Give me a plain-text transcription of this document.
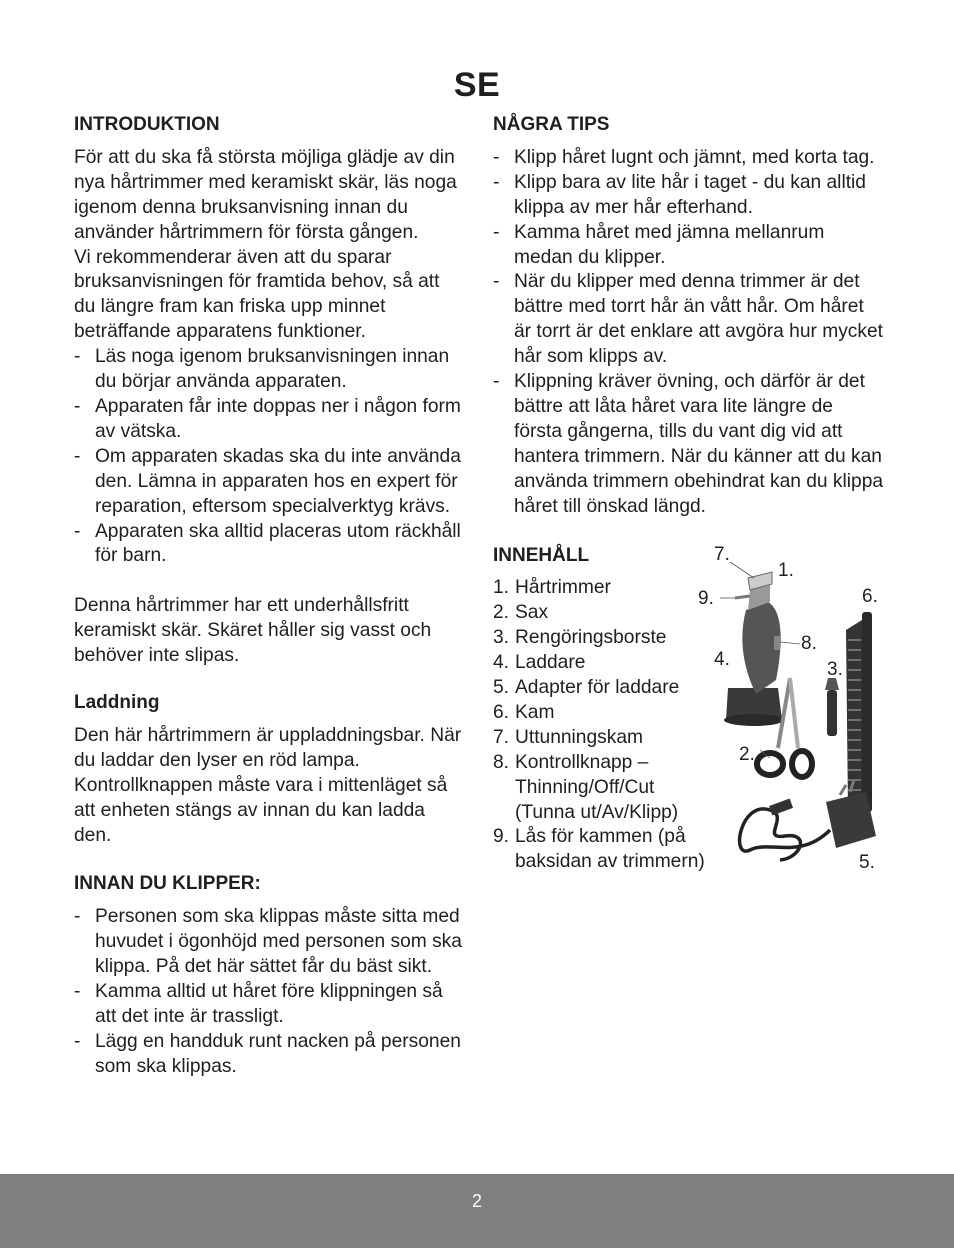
SE
INTRODUKTION

För att du ska få största möjliga glädje av din nya hårtrimmer med keramiskt skär, läs noga igenom denna bruksanvisning innan du använder hårtrimmern för första gången.

Vi rekommenderar även att du sparar bruksanvisningen för framtida behov, så att du längre fram kan friska upp minnet beträffande apparatens funktioner.

- Läs noga igenom bruksanvisningen innan du börjar använda apparaten.
- Apparaten får inte doppas ner i någon form av vätska.
- Om apparaten skadas ska du inte använda den. Lämna in apparaten hos en expert för reparation, eftersom specialverktyg krävs.
- Apparaten ska alltid placeras utom räckhåll för barn.

Denna hårtrimmer har ett underhållsfritt keramiskt skär. Skäret håller sig vasst och behöver inte slipas.

Laddning

Den här hårtrimmern är uppladdningsbar. När du laddar den lyser en röd lampa. Kontrollknappen måste vara i mittenläget så att enheten stängs av innan du kan ladda den.

INNAN DU KLIPPER:
- Personen som ska klippas måste sitta med huvudet i ögonhöjd med personen som ska klippa. På det här sättet får du bäst sikt.
- Kamma alltid ut håret före klippningen så att det inte är trassligt.
- Lägg en handduk runt nacken på personen som ska klippas.
NÅGRA TIPS
- Klipp håret lugnt och jämnt, med korta tag.
- Klipp bara av lite hår i taget - du kan alltid klippa av mer hår efterhand.
- Kamma håret med jämna mellanrum medan du klipper.
- När du klipper med denna trimmer är det bättre med torrt hår än vått hår. Om håret är torrt är det enklare att avgöra hur mycket hår som klipps av.
- Klippning kräver övning, och därför är det bättre att låta håret vara lite längre de första gångerna, tills du vant dig vid att hantera trimmern. När du känner att du kan använda trimmern obehindrat kan du klippa håret till önskad längd.
INNEHÅLL
1. Hårtrimmer
2. Sax
3. Rengöringsborste
4. Laddare
5. Adapter för laddare
6. Kam
7. Uttunningskam
8. Kontrollknapp – Thinning/Off/Cut (Tunna ut/Av/Klipp)
9. Lås för kammen (på baksidan av trimmern)
7.
1.
9.	6.
8.
4.	3.
2.
5.
2
